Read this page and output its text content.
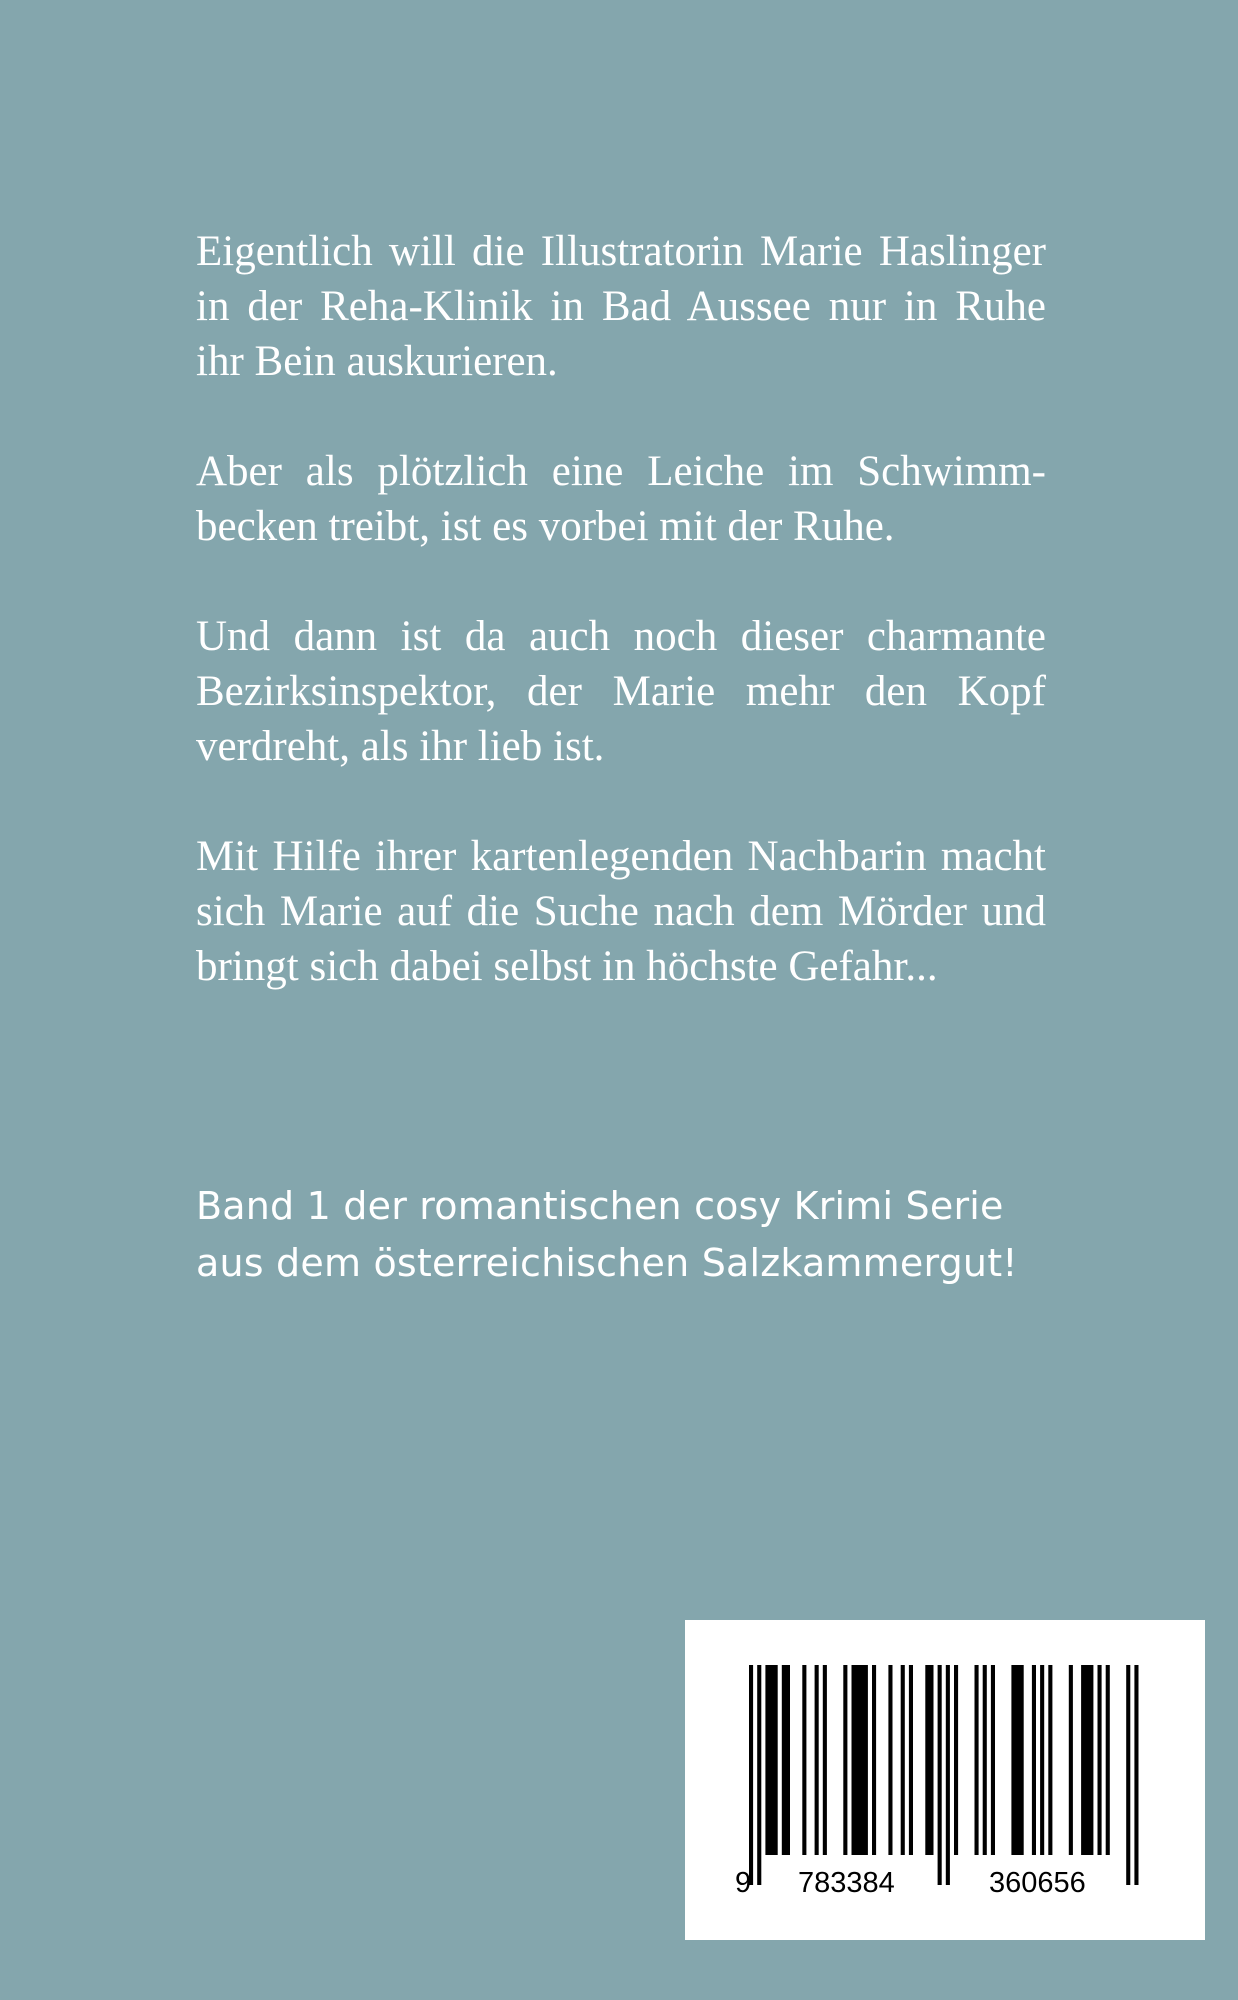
Eigentlich will die Illustratorin Marie Haslinger in der Reha-Klinik in Bad Aussee nur in Ruhe ihr Bein auskurieren.

Aber als plötzlich eine Leiche im Schwimmbecken treibt, ist es vorbei mit der Ruhe.

Und dann ist da auch noch dieser charmante Bezirksinspektor, der Marie mehr den Kopf verdreht, als ihr lieb ist.

Mit Hilfe ihrer kartenlegenden Nachbarin macht sich Marie auf die Suche nach dem Mörder und bringt sich dabei selbst in höchste Gefahr...

Band 1 der romantischen cosy Krimi Serie
aus dem österreichischen Salzkammergut!
9 783384	360656
